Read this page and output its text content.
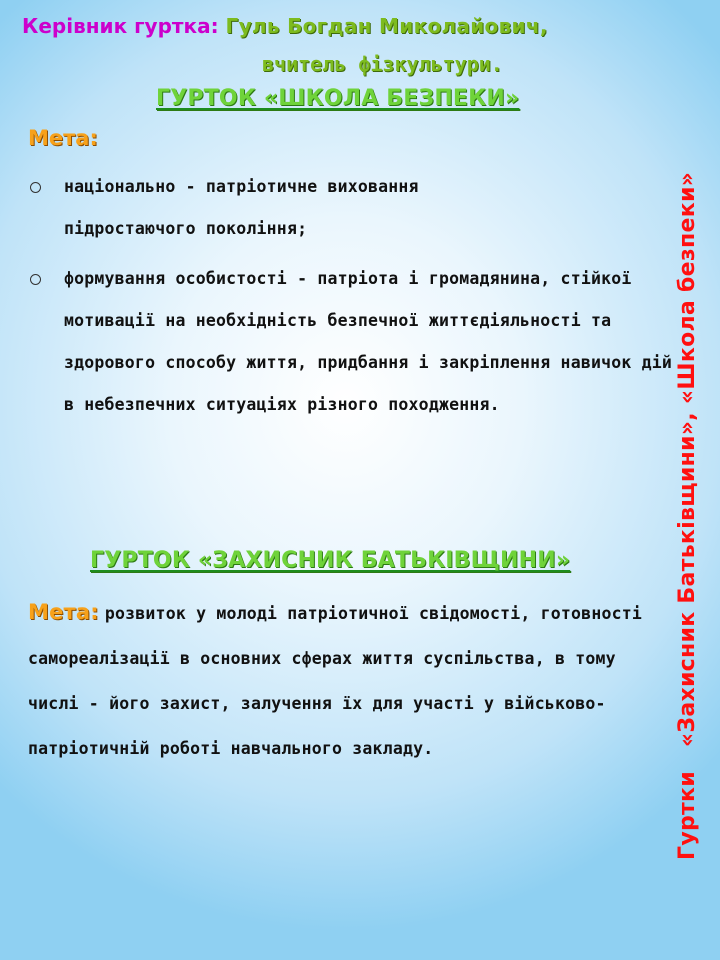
Керівник гуртка: Гуль Богдан Миколайович,
вчитель фізкультури.
ГУРТОК «ШКОЛА БЕЗПЕКИ»
Мета:
національно - патріотичне виховання підростаючого покоління;
формування особистості - патріота і громадянина, стійкої мотивації на необхідність безпечної життєдіяльності та здорового способу життя, придбання і закріплення навичок дій в небезпечних ситуаціях різного походження.
ГУРТОК «ЗАХИСНИК БАТЬКІВЩИНИ»
Мета: розвиток у молоді патріотичної свідомості, готовності самореалізації в основних сферах життя суспільства, в тому числі - його захист, залучення їх для участі у військово-патріотичній роботі навчального закладу.	Гуртки   «Захисник Батьківщини», «Школа безпеки»
